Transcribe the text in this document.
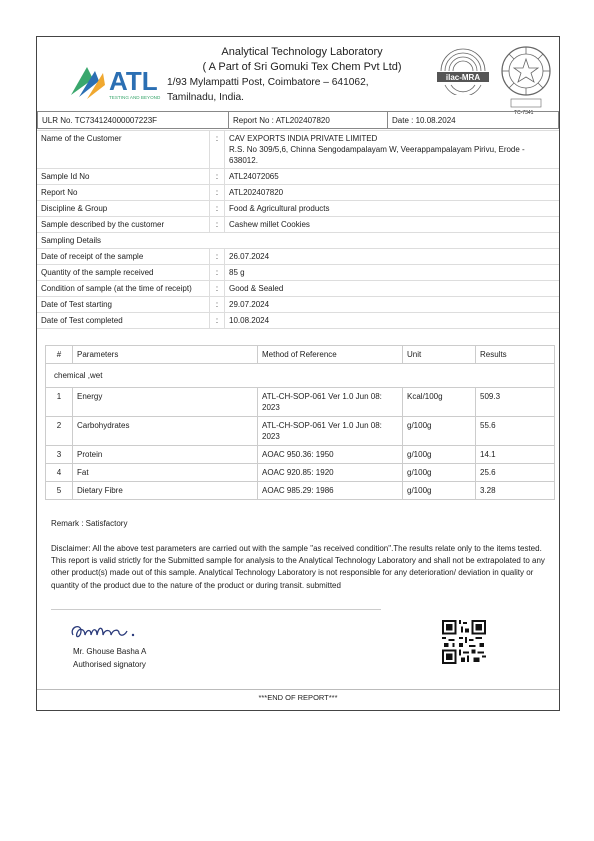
ATL
TESTING AND BEYOND
Analytical Technology Laboratory
( A Part of Sri Gomuki Tex Chem Pvt Ltd)
1/93 Mylampatti Post, Coimbatore – 641062,
Tamilnadu, India.
ilac-MRA
TC-7341
ULR No. TC734124000007223F	Report No : ATL202407820	Date : 10.08.2024
Name of the Customer	:	CAV EXPORTS INDIA PRIVATE LIMITED
R.S. No 309/5,6, Chinna Sengodampalayam W, Veerappampalayam Pirivu, Erode - 638012.

Sample Id No	:	ATL24072065
Report No	:	ATL202407820
Discipline & Group	:	Food & Agricultural products
Sample described by the customer	:	Cashew millet Cookies
Sampling Details		
Date of receipt of the sample	:	26.07.2024
Quantity of the sample received	:	85 g
Condition of sample (at the time of receipt)	:	Good & Sealed
Date of Test starting	:	29.07.2024
Date of Test completed	:	10.08.2024
#	Parameters	Method of Reference	Unit	Results
chemical ,wet				
1	Energy	ATL-CH-SOP-061 Ver 1.0 Jun 08: 2023	Kcal/100g	509.3
2	Carbohydrates	ATL-CH-SOP-061 Ver 1.0 Jun 08: 2023	g/100g	55.6
3	Protein	AOAC 950.36: 1950	g/100g	14.1
4	Fat	AOAC 920.85: 1920	g/100g	25.6
5	Dietary Fibre	AOAC 985.29: 1986	g/100g	3.28
Remark : Satisfactory
Disclaimer: All the above test parameters are carried out with the sample "as received condition".The results relate only to the items tested. This report is valid strictly for the Submitted sample for analysis to the Analytical Technology Laboratory and shall not be extrapolated to any other product(s) made out of this sample. Analytical Technology Laboratory is not responsible for any deterioration/ deviation in quality or quantity of the product due to the nature of the product or during transit. submitted
Mr. Ghouse Basha A
Authorised signatory
***END OF REPORT***
